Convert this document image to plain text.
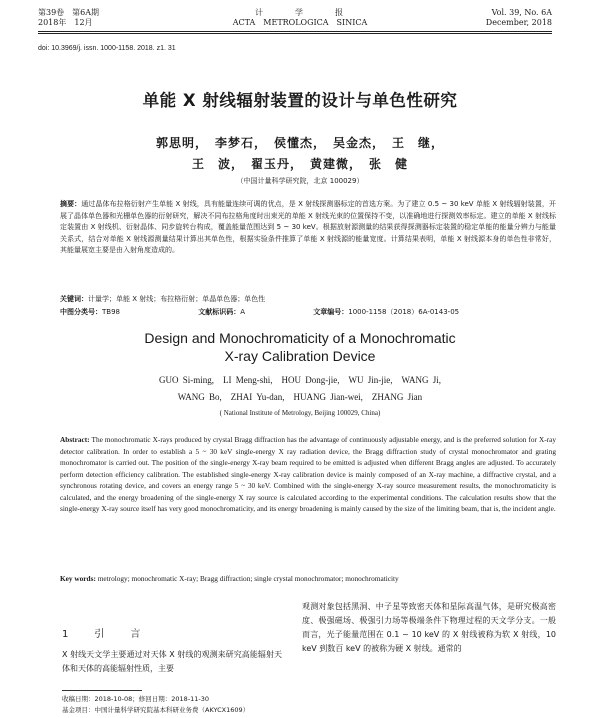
第39卷　第6A期
2018年　12月
计　　　学　　　报
ACTA　METROLOGICA　SINICA
Vol. 39, No. 6A
December, 2018
doi: 10.3969/j. issn. 1000-1158. 2018. z1. 31
单能 X 射线辐射装置的设计与单色性研究
郭思明，　李梦石，　侯懂杰，　吴金杰，　王　继，
王　波，　翟玉丹，　黄建微，　张　健
（中国计量科学研究院，北京 100029）
摘要：通过晶体布拉格衍射产生单能 X 射线，具有能量连续可调的优点，是 X 射线探测器标定的首选方案。为了建立 0.5 ~ 30 keV 单能 X 射线辐射装置，开展了晶体单色器和光栅单色器的衍射研究，解决不同布拉格角度时出束光的单能 X 射线光束的位置保持不变，以准确地进行探测效率标定。建立的单能 X 射线标定装置由 X 射线机、衍射晶体、同步旋转台构成，覆盖能量范围达到 5 ~ 30 keV。根据放射源测量的结果获得探测器标定装置的稳定单能的能量分辨力与能量关系式，结合对单能 X 射线源测量结果计算出其单色性，根据实验条件推算了单能 X 射线源的能量宽度。计算结果表明，单能 X 射线源本身的单色性非常好，其能量展宽主要是由入射角度造成的。
关键词：计量学；单能 X 射线；布拉格衍射；单晶单色器；单色性
中图分类号：TB98	文献标识码：A	文章编号：1000-1158（2018）6A-0143-05
Design and Monochromaticity of a Monochromatic
X-ray Calibration Device
GUO Si-ming,　LI Meng-shi,　HOU Dong-jie,　WU Jin-jie,　WANG Ji,
WANG Bo,　ZHAI Yu-dan,　HUANG Jian-wei,　ZHANG Jian
( National Institute of Metrology, Beijing 100029, China)
Abstract: The monochromatic X-rays produced by crystal Bragg diffraction has the advantage of continuously adjustable energy, and is the preferred solution for X-ray detector calibration. In order to establish a 5 ~ 30 keV single-energy X ray radiation device, the Bragg diffraction study of crystal monochromator and grating monochromator is carried out. The position of the single-energy X-ray beam required to be emitted is adjusted when different Bragg angles are adjusted. To accurately perform detection efficiency calibration. The established single-energy X-ray calibration device is mainly composed of an X-ray machine, a diffractive crystal, and a synchronous rotating device, and covers an energy range 5 ~ 30 keV. Combined with the single-energy X-ray source measurement results, the monochromaticity is calculated, and the energy broadening of the single-energy X ray source is calculated according to the experimental conditions. The calculation results show that the single-energy X-ray source itself has very good monochromaticity, and its energy broadening is mainly caused by the size of the limiting beam, that is, the incident angle.
Key words: metrology; monochromatic X-ray; Bragg diffraction; single crystal monochromator; monochromaticity
1　引　言
X 射线天文学主要通过对天体 X 射线的观测来研究高能辐射天体和天体的高能辐射性质，主要
观测对象包括黑洞、中子星等致密天体和星际高温气体，是研究极高密度、极强磁场、极强引力场等极端条件下物理过程的天文学分支。一般而言，光子能量范围在 0.1 ~ 10 keV 的 X 射线被称为软 X 射线，10 keV 到数百 keV 的被称为硬 X 射线。通常的
收稿日期：2018-10-08；修回日期：2018-11-30
基金项目：中国计量科学研究院基本科研业务费（AKYCX1609）
